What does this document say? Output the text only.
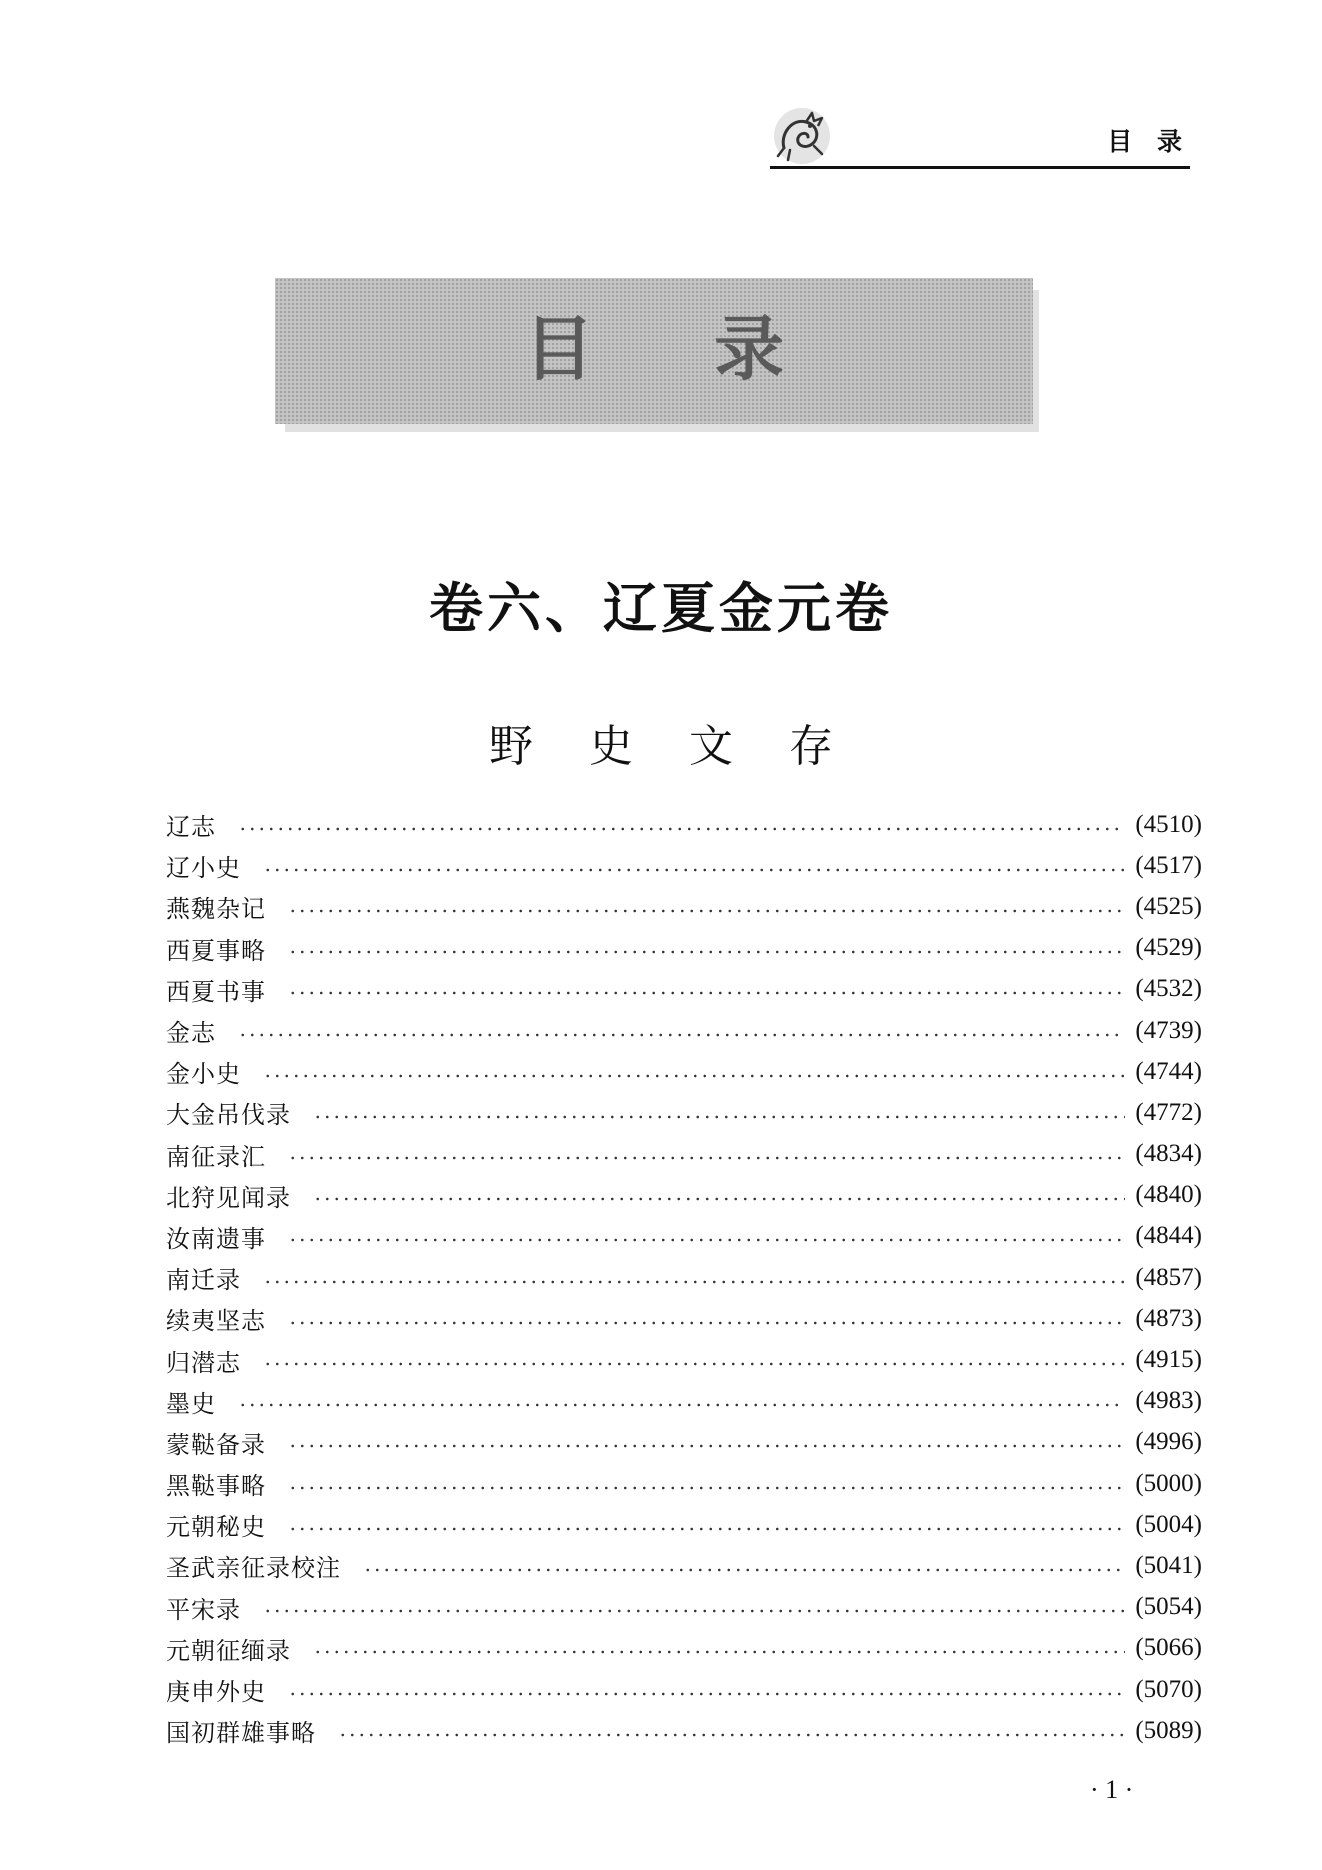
目 录
目录
卷六、辽夏金元卷
野史文存
辽志	(4510)
辽小史	(4517)
燕魏杂记	(4525)
西夏事略	(4529)
西夏书事	(4532)
金志	(4739)
金小史	(4744)
大金吊伐录	(4772)
南征录汇	(4834)
北狩见闻录	(4840)
汝南遗事	(4844)
南迁录	(4857)
续夷坚志	(4873)
归潜志	(4915)
墨史	(4983)
蒙鞑备录	(4996)
黑鞑事略	(5000)
元朝秘史	(5004)
圣武亲征录校注	(5041)
平宋录	(5054)
元朝征缅录	(5066)
庚申外史	(5070)
国初群雄事略	(5089)
· 1 ·
